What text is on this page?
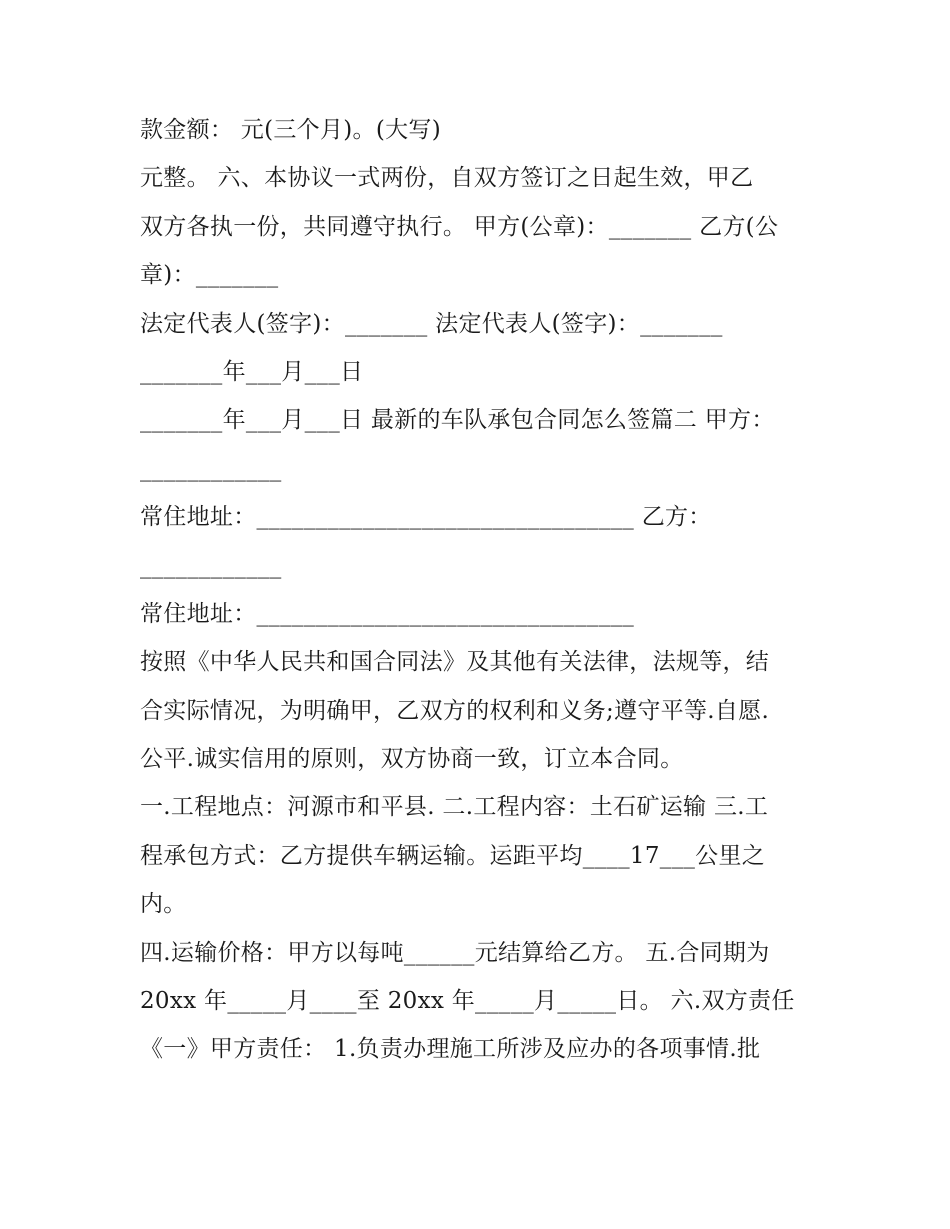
款金额： 元(三个月)。(大写)
元整。 六、本协议一式两份，自双方签订之日起生效，甲乙
双方各执一份，共同遵守执行。 甲方(公章)：_______ 乙方(公
章)：_______
法定代表人(签字)：_______ 法定代表人(签字)：_______
_______年___月___日
_______年___月___日 最新的车队承包合同怎么签篇二 甲方：
____________
常住地址：________________________________ 乙方：
____________
常住地址：________________________________
按照《中华人民共和国合同法》及其他有关法律，法规等，结
合实际情况，为明确甲，乙双方的权利和义务;遵守平等.自愿.
公平.诚实信用的原则，双方协商一致，订立本合同。
一.工程地点：河源市和平县. 二.工程内容：土石矿运输 三.工
程承包方式：乙方提供车辆运输。运距平均____17___公里之
内。
四.运输价格：甲方以每吨______元结算给乙方。 五.合同期为
20xx 年_____月____至 20xx 年_____月_____日。 六.双方责任
《一》甲方责任： 1.负责办理施工所涉及应办的各项事情.批
